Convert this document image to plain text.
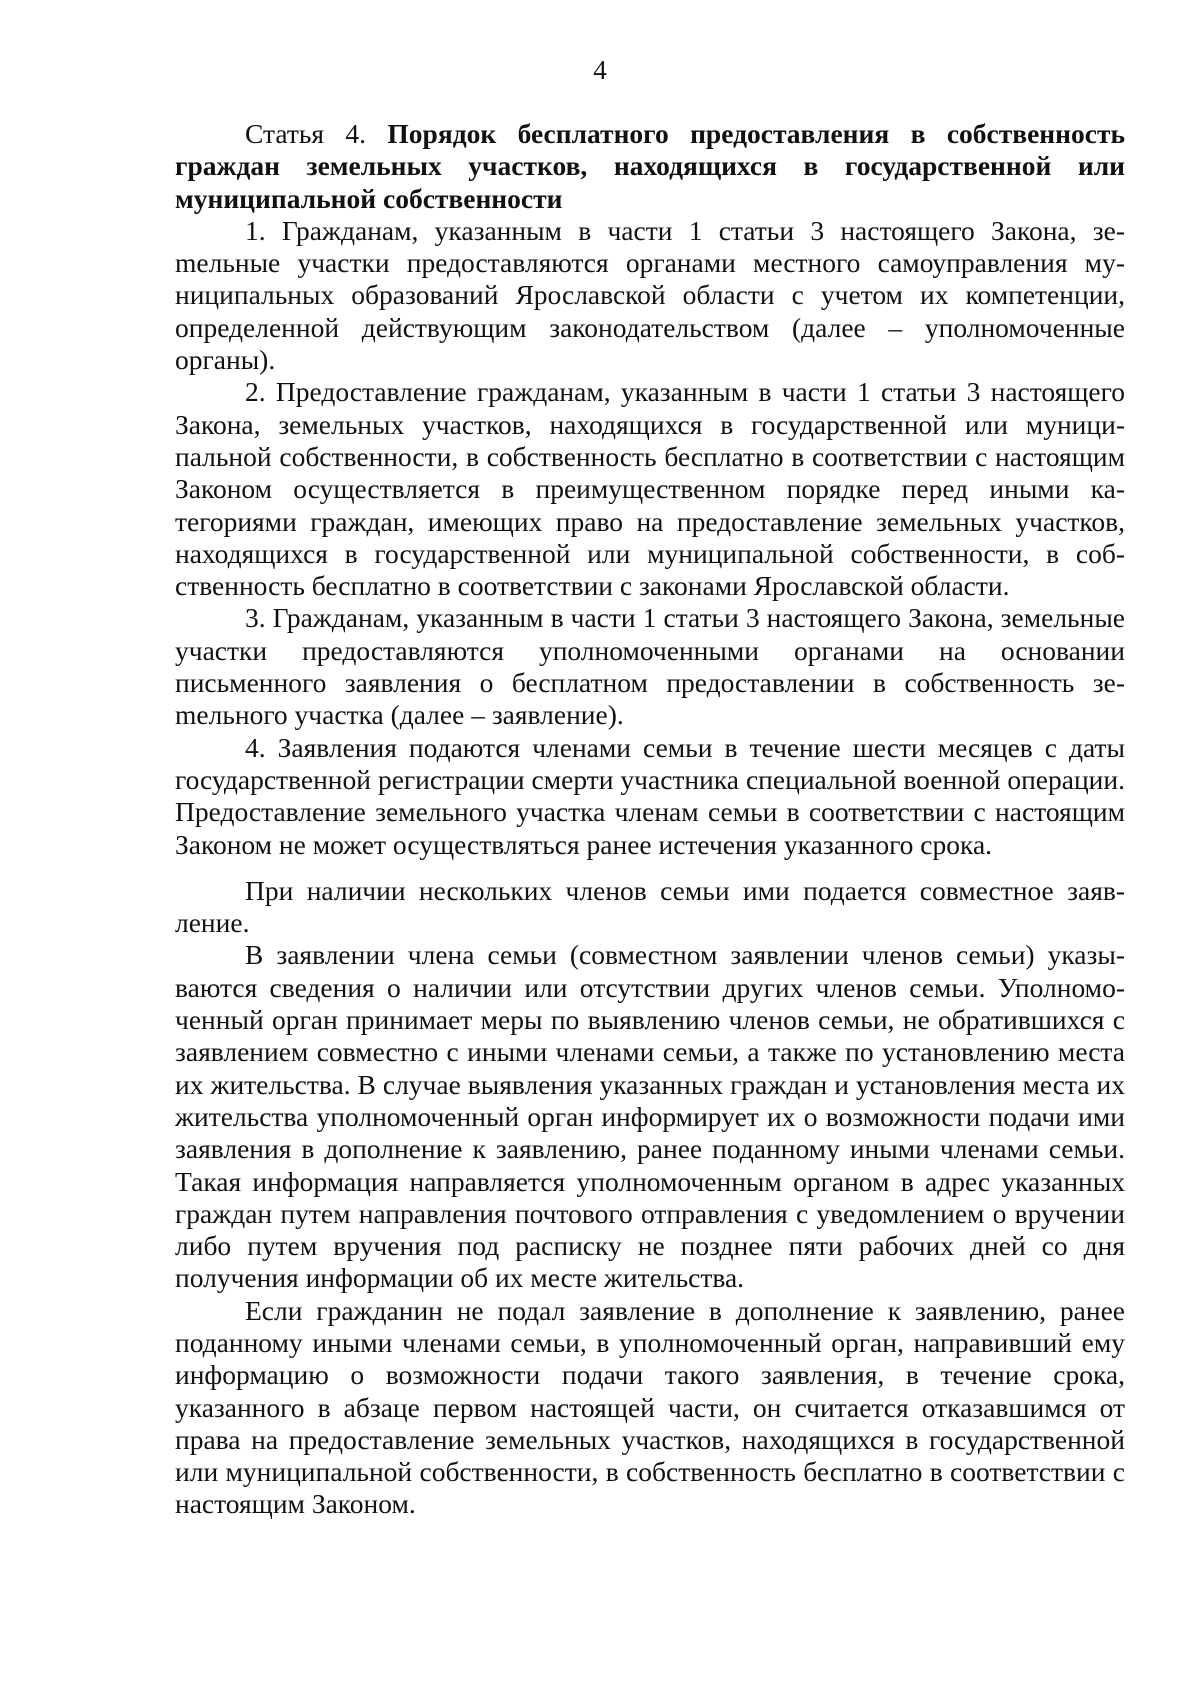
4

Статья 4. Порядок бесплатного предоставления в собственность граждан земельных участков, находящихся в государственной или муниципальной собственности

1. Гражданам, указанным в части 1 статьи 3 настоящего Закона, зеmельные участки предоставляются органами местного самоуправления муниципальных образований Ярославской области с учетом их компетенции, определенной действующим законодательством (далее – уполномоченные органы).

2. Предоставление гражданам, указанным в части 1 статьи 3 настоящего Закона, земельных участков, находящихся в государственной или муниципальной собственности, в собственность бесплатно в соответствии с настоящим Законом осуществляется в преимущественном порядке перед иными категориями граждан, имеющих право на предоставление земельных участков, находящихся в государственной или муниципальной собственности, в собственность бесплатно в соответствии с законами Ярославской области.

3. Гражданам, указанным в части 1 статьи 3 настоящего Закона, земельные участки предоставляются уполномоченными органами на основании письменного заявления о бесплатном предоставлении в собственность зеmельного участка (далее – заявление).

4. Заявления подаются членами семьи в течение шести месяцев с даты государственной регистрации смерти участника специальной военной операции. Предоставление земельного участка членам семьи в соответствии с настоящим Законом не может осуществляться ранее истечения указанного срока.

При наличии нескольких членов семьи ими подается совместное заявление.

В заявлении члена семьи (совместном заявлении членов семьи) указываются сведения о наличии или отсутствии других членов семьи. Уполномоченный орган принимает меры по выявлению членов семьи, не обратившихся с заявлением совместно с иными членами семьи, а также по установлению места их жительства. В случае выявления указанных граждан и установления места их жительства уполномоченный орган информирует их о возможности подачи ими заявления в дополнение к заявлению, ранее поданному иными членами семьи. Такая информация направляется уполномоченным органом в адрес указанных граждан путем направления почтового отправления с уведомлением о вручении либо путем вручения под расписку не позднее пяти рабочих дней со дня получения информации об их месте жительства.

Если гражданин не подал заявление в дополнение к заявлению, ранее поданному иными членами семьи, в уполномоченный орган, направивший ему информацию о возможности подачи такого заявления, в течение срока, указанного в абзаце первом настоящей части, он считается отказавшимся от права на предоставление земельных участков, находящихся в государственной или муниципальной собственности, в собственность бесплатно в соответствии с настоящим Законом.
